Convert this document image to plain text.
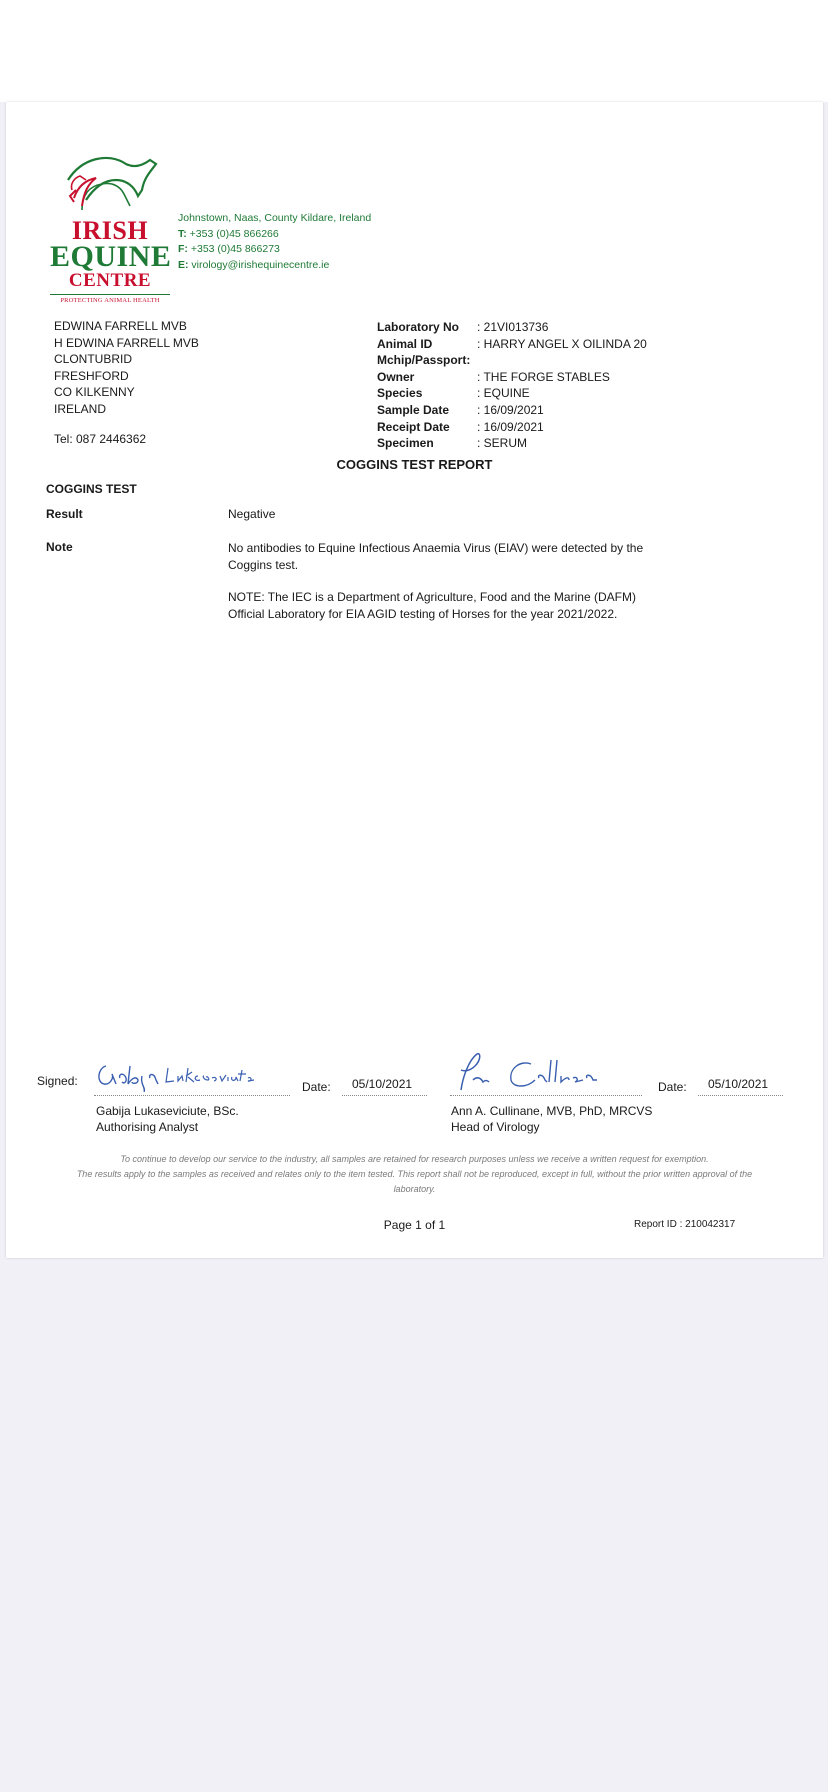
IRISH
EQUINE
CENTRE
PROTECTING ANIMAL HEALTH
Johnstown, Naas, County Kildare, Ireland
T: +353 (0)45 866266
F: +353 (0)45 866273
E: virology@irishequinecentre.ie
EDWINA FARRELL MVB
H EDWINA FARRELL MVB
CLONTUBRID
FRESHFORD
CO KILKENNY
IRELAND
Tel: 087 2446362
Laboratory No	: 21VI013736
Animal ID	: HARRY ANGEL X OILINDA 20
Mchip/Passport:
Owner	: THE FORGE STABLES
Species	: EQUINE
Sample Date	: 16/09/2021
Receipt Date	: 16/09/2021
Specimen	: SERUM
COGGINS TEST REPORT
COGGINS TEST
Result	Negative
Note	No antibodies to Equine Infectious Anaemia Virus (EIAV) were detected by the Coggins test.

NOTE: The IEC is a Department of Agriculture, Food and the Marine (DAFM) Official Laboratory for EIA AGID testing of Horses for the year 2021/2022.

Signed:	Date: 05/10/2021
Gabija Lukaseviciute, BSc.
Authorising Analyst
Date: 05/10/2021
Ann A. Cullinane, MVB, PhD, MRCVS
Head of Virology
To continue to develop our service to the industry, all samples are retained for research purposes unless we receive a written request for exemption.
The results apply to the samples as received and relates only to the item tested. This report shall not be reproduced, except in full, without the prior written approval of the laboratory.
Page 1 of 1	Report ID : 210042317
